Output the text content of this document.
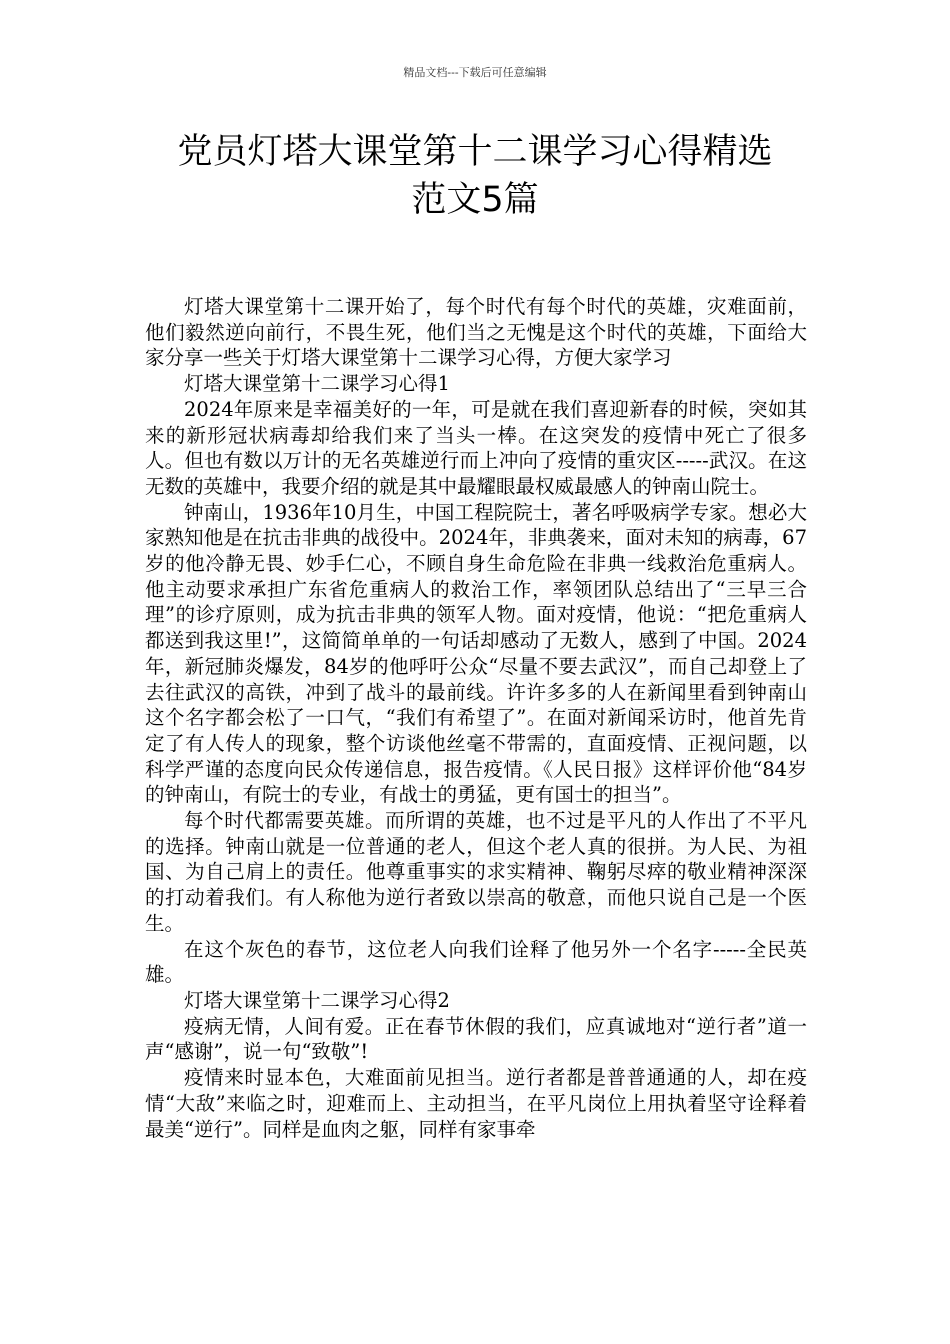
精品文档---下载后可任意编辑
党员灯塔大课堂第十二课学习心得精选
范文5篇

灯塔大课堂第十二课开始了，每个时代有每个时代的英雄，灾难面前，他们毅然逆向前行，不畏生死，他们当之无愧是这个时代的英雄，下面给大家分享一些关于灯塔大课堂第十二课学习心得，方便大家学习

灯塔大课堂第十二课学习心得1

2024年原来是幸福美好的一年，可是就在我们喜迎新春的时候，突如其来的新形冠状病毒却给我们来了当头一棒。在这突发的疫情中死亡了很多人。但也有数以万计的无名英雄逆行而上冲向了疫情的重灾区-----武汉。在这无数的英雄中，我要介绍的就是其中最耀眼最权威最感人的钟南山院士。

钟南山，1936年10月生，中国工程院院士，著名呼吸病学专家。想必大家熟知他是在抗击非典的战役中。2024年，非典袭来，面对未知的病毒，67岁的他冷静无畏、妙手仁心，不顾自身生命危险在非典一线救治危重病人。他主动要求承担广东省危重病人的救治工作，率领团队总结出了“三早三合理”的诊疗原则，成为抗击非典的领军人物。面对疫情，他说：“把危重病人都送到我这里!”，这简简单单的一句话却感动了无数人，感到了中国。2024年，新冠肺炎爆发，84岁的他呼吁公众“尽量不要去武汉”，而自己却登上了去往武汉的高铁，冲到了战斗的最前线。许许多多的人在新闻里看到钟南山这个名字都会松了一口气，“我们有希望了”。在面对新闻采访时，他首先肯定了有人传人的现象，整个访谈他丝毫不带需的，直面疫情、正视问题，以科学严谨的态度向民众传递信息，报告疫情。《人民日报》这样评价他“84岁的钟南山，有院士的专业，有战士的勇猛，更有国士的担当”。

每个时代都需要英雄。而所谓的英雄，也不过是平凡的人作出了不平凡的选择。钟南山就是一位普通的老人，但这个老人真的很拼。为人民、为祖国、为自己肩上的责任。他尊重事实的求实精神、鞠躬尽瘁的敬业精神深深的打动着我们。有人称他为逆行者致以崇高的敬意，而他只说自己是一个医生。

在这个灰色的春节，这位老人向我们诠释了他另外一个名字-----全民英雄。

灯塔大课堂第十二课学习心得2

疫病无情，人间有爱。正在春节休假的我们，应真诚地对“逆行者”道一声“感谢”，说一句“致敬”!

疫情来时显本色，大难面前见担当。逆行者都是普普通通的人，却在疫情“大敌”来临之时，迎难而上、主动担当，在平凡岗位上用执着坚守诠释着最美“逆行”。同样是血肉之躯，同样有家事牵
